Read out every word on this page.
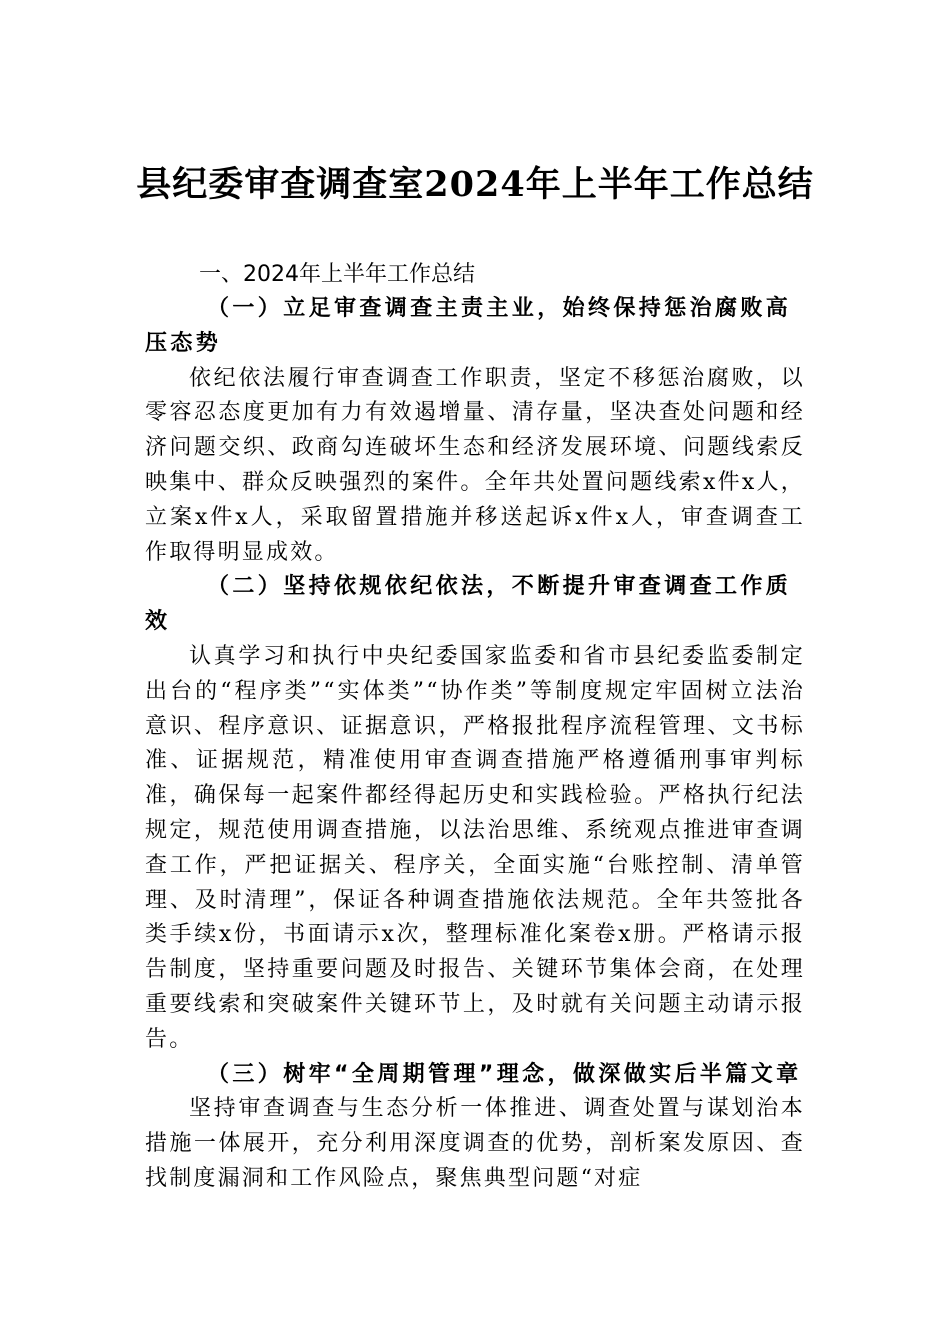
县纪委审查调查室2024年上半年工作总结

一、2024年上半年工作总结

（一）立足审查调查主责主业，始终保持惩治腐败高压态势

依纪依法履行审查调查工作职责，坚定不移惩治腐败，以零容忍态度更加有力有效遏增量、清存量，坚决查处问题和经济问题交织、政商勾连破坏生态和经济发展环境、问题线索反映集中、群众反映强烈的案件。全年共处置问题线索x件x人，立案x件x人，采取留置措施并移送起诉x件x人，审查调查工作取得明显成效。

（二）坚持依规依纪依法，不断提升审查调查工作质效

认真学习和执行中央纪委国家监委和省市县纪委监委制定出台的“程序类”“实体类”“协作类”等制度规定牢固树立法治意识、程序意识、证据意识，严格报批程序流程管理、文书标准、证据规范，精准使用审查调查措施严格遵循刑事审判标准，确保每一起案件都经得起历史和实践检验。严格执行纪法规定，规范使用调查措施，以法治思维、系统观点推进审查调查工作，严把证据关、程序关，全面实施“台账控制、清单管理、及时清理”，保证各种调查措施依法规范。全年共签批各类手续x份，书面请示x次，整理标准化案卷x册。严格请示报告制度，坚持重要问题及时报告、关键环节集体会商，在处理重要线索和突破案件关键环节上，及时就有关问题主动请示报告。

（三）树牢“全周期管理”理念，做深做实后半篇文章

坚持审查调查与生态分析一体推进、调查处置与谋划治本措施一体展开，充分利用深度调查的优势，剖析案发原因、查找制度漏洞和工作风险点，聚焦典型问题“对症
